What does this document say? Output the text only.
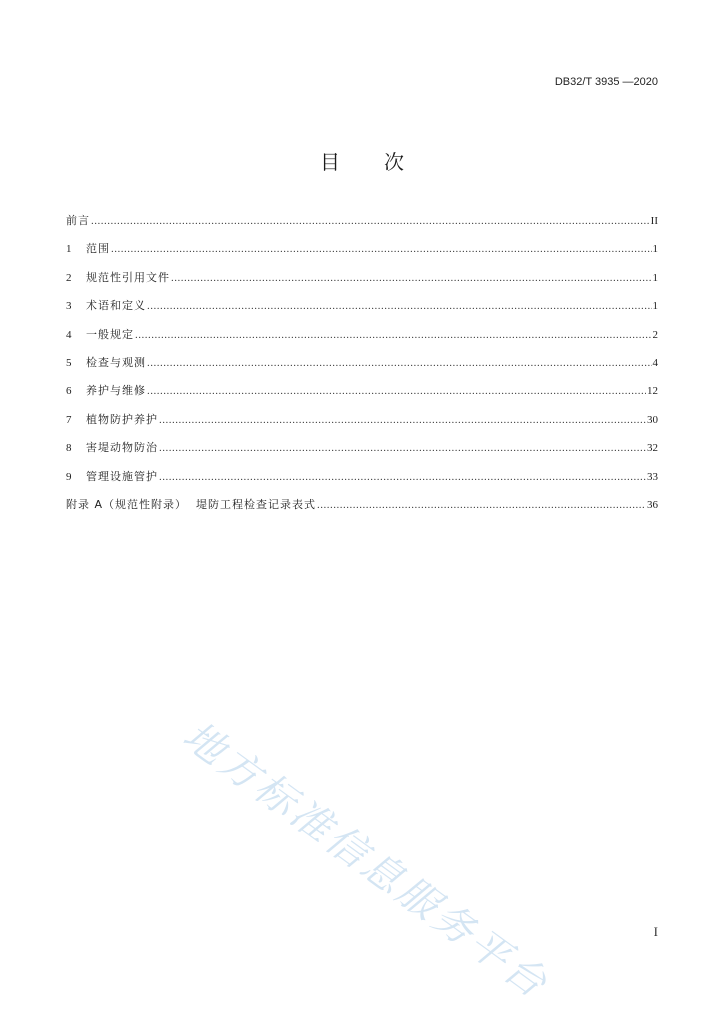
DB32/T 3935 —2020
目 次
前言 .....	II
1	范围 .....	1
2	规范性引用文件 .....	1
3	术语和定义 .....	1
4	一般规定 .....	2
5	检查与观测 .....	4
6	养护与维修 .....	12
7	植物防护养护 .....	30
8	害堤动物防治 .....	32
9	管理设施管护 .....	33
附录 A（规范性附录）  堤防工程检查记录表式 .....	36
地方标准信息服务平台	I
